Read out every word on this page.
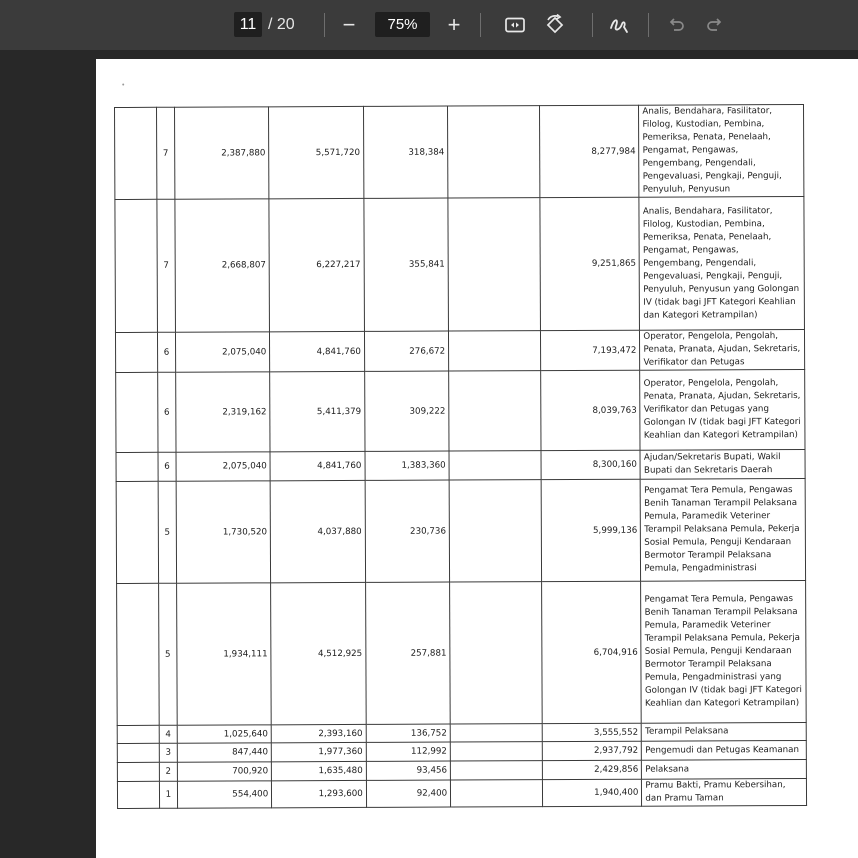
11 / 20 −	75%	+
•
	7	2,387,880	5,571,720	318,384		8,277,984	Analis, Bendahara, Fasilitator, Filolog, Kustodian, Pembina, Pemeriksa, Penata, Penelaah, Pengamat, Pengawas, Pengembang, Pengendali, Pengevaluasi, Pengkaji, Penguji, Penyuluh, Penyusun
	7	2,668,807	6,227,217	355,841		9,251,865	Analis, Bendahara, Fasilitator, Filolog, Kustodian, Pembina, Pemeriksa, Penata, Penelaah, Pengamat, Pengawas, Pengembang, Pengendali, Pengevaluasi, Pengkaji, Penguji, Penyuluh, Penyusun yang Golongan IV (tidak bagi JFT Kategori Keahlian dan Kategori Ketrampilan)
	6	2,075,040	4,841,760	276,672		7,193,472	Operator, Pengelola, Pengolah, Penata, Pranata, Ajudan, Sekretaris, Verifikator dan Petugas
	6	2,319,162	5,411,379	309,222		8,039,763	Operator, Pengelola, Pengolah, Penata, Pranata, Ajudan, Sekretaris, Verifikator dan Petugas yang Golongan IV (tidak bagi JFT Kategori Keahlian dan Kategori Ketrampilan)
	6	2,075,040	4,841,760	1,383,360		8,300,160	Ajudan/Sekretaris Bupati, Wakil Bupati dan Sekretaris Daerah
	5	1,730,520	4,037,880	230,736		5,999,136	Pengamat Tera Pemula, Pengawas Benih Tanaman Terampil Pelaksana Pemula, Paramedik Veteriner Terampil Pelaksana Pemula, Pekerja Sosial Pemula, Penguji Kendaraan Bermotor Terampil Pelaksana Pemula, Pengadministrasi
	5	1,934,111	4,512,925	257,881		6,704,916	Pengamat Tera Pemula, Pengawas Benih Tanaman Terampil Pelaksana Pemula, Paramedik Veteriner Terampil Pelaksana Pemula, Pekerja Sosial Pemula, Penguji Kendaraan Bermotor Terampil Pelaksana Pemula, Pengadministrasi yang Golongan IV (tidak bagi JFT Kategori Keahlian dan Kategori Ketrampilan)
	4	1,025,640	2,393,160	136,752		3,555,552	Terampil Pelaksana
	3	847,440	1,977,360	112,992		2,937,792	Pengemudi dan Petugas Keamanan
	2	700,920	1,635,480	93,456		2,429,856	Pelaksana
	1	554,400	1,293,600	92,400		1,940,400	Pramu Bakti, Pramu Kebersihan, dan Pramu Taman
